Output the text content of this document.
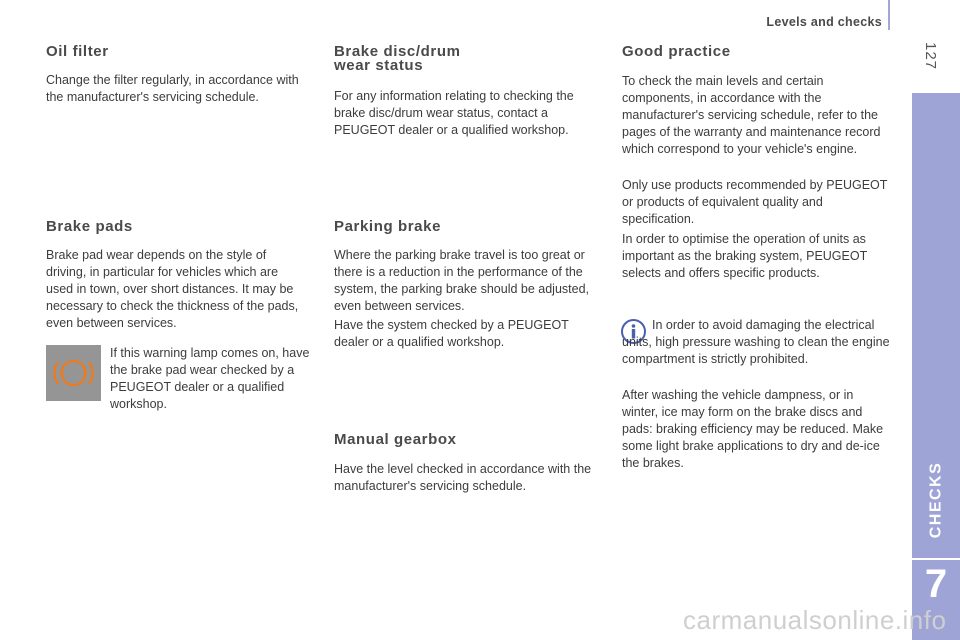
Levels and checks
127
CHECKS
7
Oil filter

Change the filter regularly, in accordance with the manufacturer's servicing schedule.

Brake pads

Brake pad wear depends on the style of driving, in particular for vehicles which are used in town, over short distances. It may be necessary to check the thickness of the pads, even between services.

If this warning lamp comes on, have the brake pad wear checked by a PEUGEOT dealer or a qualified workshop.

Brake disc/drum
wear status

For any information relating to checking the brake disc/drum wear status, contact a PEUGEOT dealer or a qualified workshop.

Parking brake

Where the parking brake travel is too great or there is a reduction in the performance of the system, the parking brake should be adjusted, even between services.

Have the system checked by a PEUGEOT dealer or a qualified workshop.

Manual gearbox

Have the level checked in accordance with the manufacturer's servicing schedule.

Good practice

To check the main levels and certain components, in accordance with the manufacturer's servicing schedule, refer to the pages of the warranty and maintenance record which correspond to your vehicle's engine.

Only use products recommended by PEUGEOT or products of equivalent quality and specification.

In order to optimise the operation of units as important as the braking system, PEUGEOT selects and offers specific products.

In order to avoid damaging the electrical units, high pressure washing to clean the engine compartment is strictly prohibited.

After washing the vehicle dampness, or in winter, ice may form on the brake discs and pads: braking efficiency may be reduced. Make some light brake applications to dry and de-ice the brakes.

carmanualsonline.info
